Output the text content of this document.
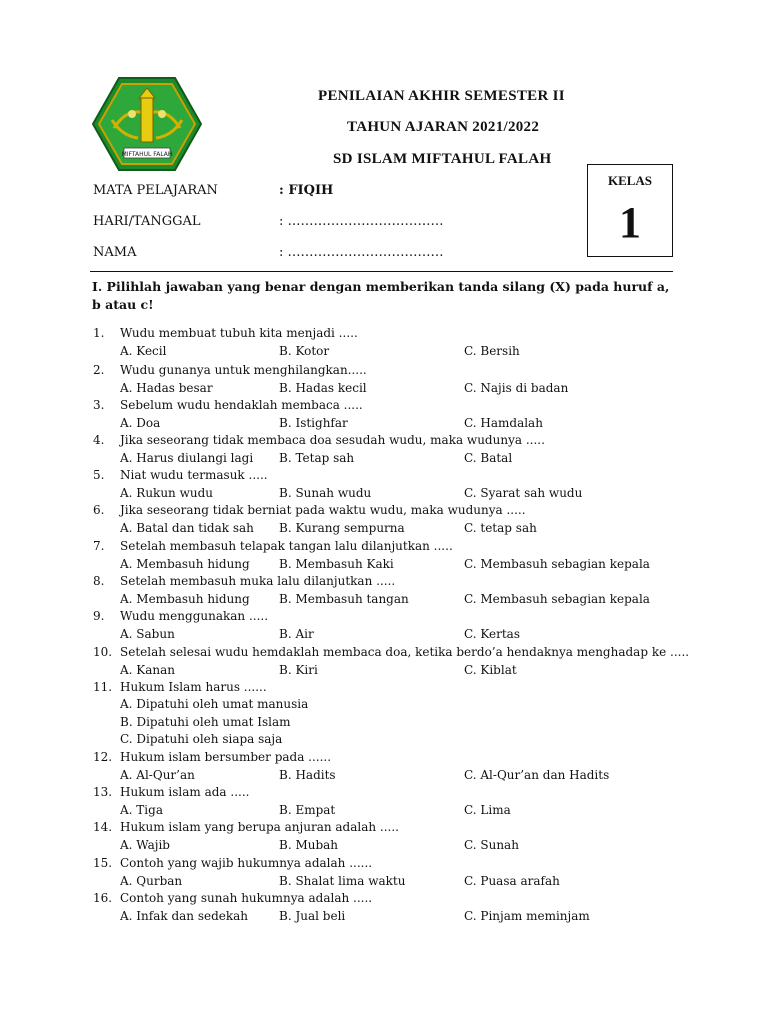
MIFTAHUL FALAH
PENILAIAN AKHIR SEMESTER II
TAHUN AJARAN 2021/2022
SD ISLAM MIFTAHUL FALAH
MATA PELAJARAN	: FIQIH
HARI/TANGGAL	: ………………………………
NAMA	: ………………………………
KELAS
1
I. Pilihlah jawaban yang benar dengan memberikan tanda silang (X) pada huruf a, b atau c!
1. Wudu membuat tubuh kita menjadi .....
A. Kecil	B. Kotor	C. Bersih
2. Wudu gunanya untuk menghilangkan.....
A. Hadas besar	B. Hadas kecil	C. Najis di badan
3. Sebelum wudu hendaklah membaca .....
A. Doa	B. Istighfar	C. Hamdalah
4. Jika seseorang tidak membaca doa sesudah wudu, maka wudunya .....
A. Harus diulangi lagi B. Tetap sah	C. Batal
5. Niat wudu termasuk .....
A. Rukun wudu	B. Sunah wudu	C. Syarat sah wudu
6. Jika seseorang tidak berniat pada waktu wudu, maka wudunya .....
A. Batal dan tidak sah B. Kurang sempurna	C. tetap sah
7. Setelah membasuh telapak tangan lalu dilanjutkan .....
A. Membasuh hidung B. Membasuh Kaki	C. Membasuh sebagian kepala
8. Setelah membasuh muka lalu dilanjutkan .....
A. Membasuh hidung B. Membasuh tangan	C. Membasuh sebagian kepala
9. Wudu menggunakan .....
A. Sabun	B. Air	C. Kertas
10. Setelah selesai wudu hemdaklah membaca doa, ketika berdo’a hendaknya menghadap ke .....
A. Kanan	B. Kiri	C. Kiblat
11. Hukum Islam harus ......
A. Dipatuhi oleh umat manusia
B. Dipatuhi oleh umat Islam
C. Dipatuhi oleh siapa saja
12. Hukum islam bersumber pada ......
A. Al-Qur’an	B. Hadits	C. Al-Qur’an dan Hadits
13. Hukum islam ada .....
A. Tiga	B. Empat	C. Lima
14. Hukum islam yang berupa anjuran adalah .....
A. Wajib	B. Mubah	C. Sunah
15. Contoh yang wajib hukumnya adalah ......
A. Qurban	B. Shalat lima waktu	C. Puasa arafah
16. Contoh yang sunah hukumnya adalah .....
A. Infak dan sedekah	B. Jual beli	C. Pinjam meminjam
